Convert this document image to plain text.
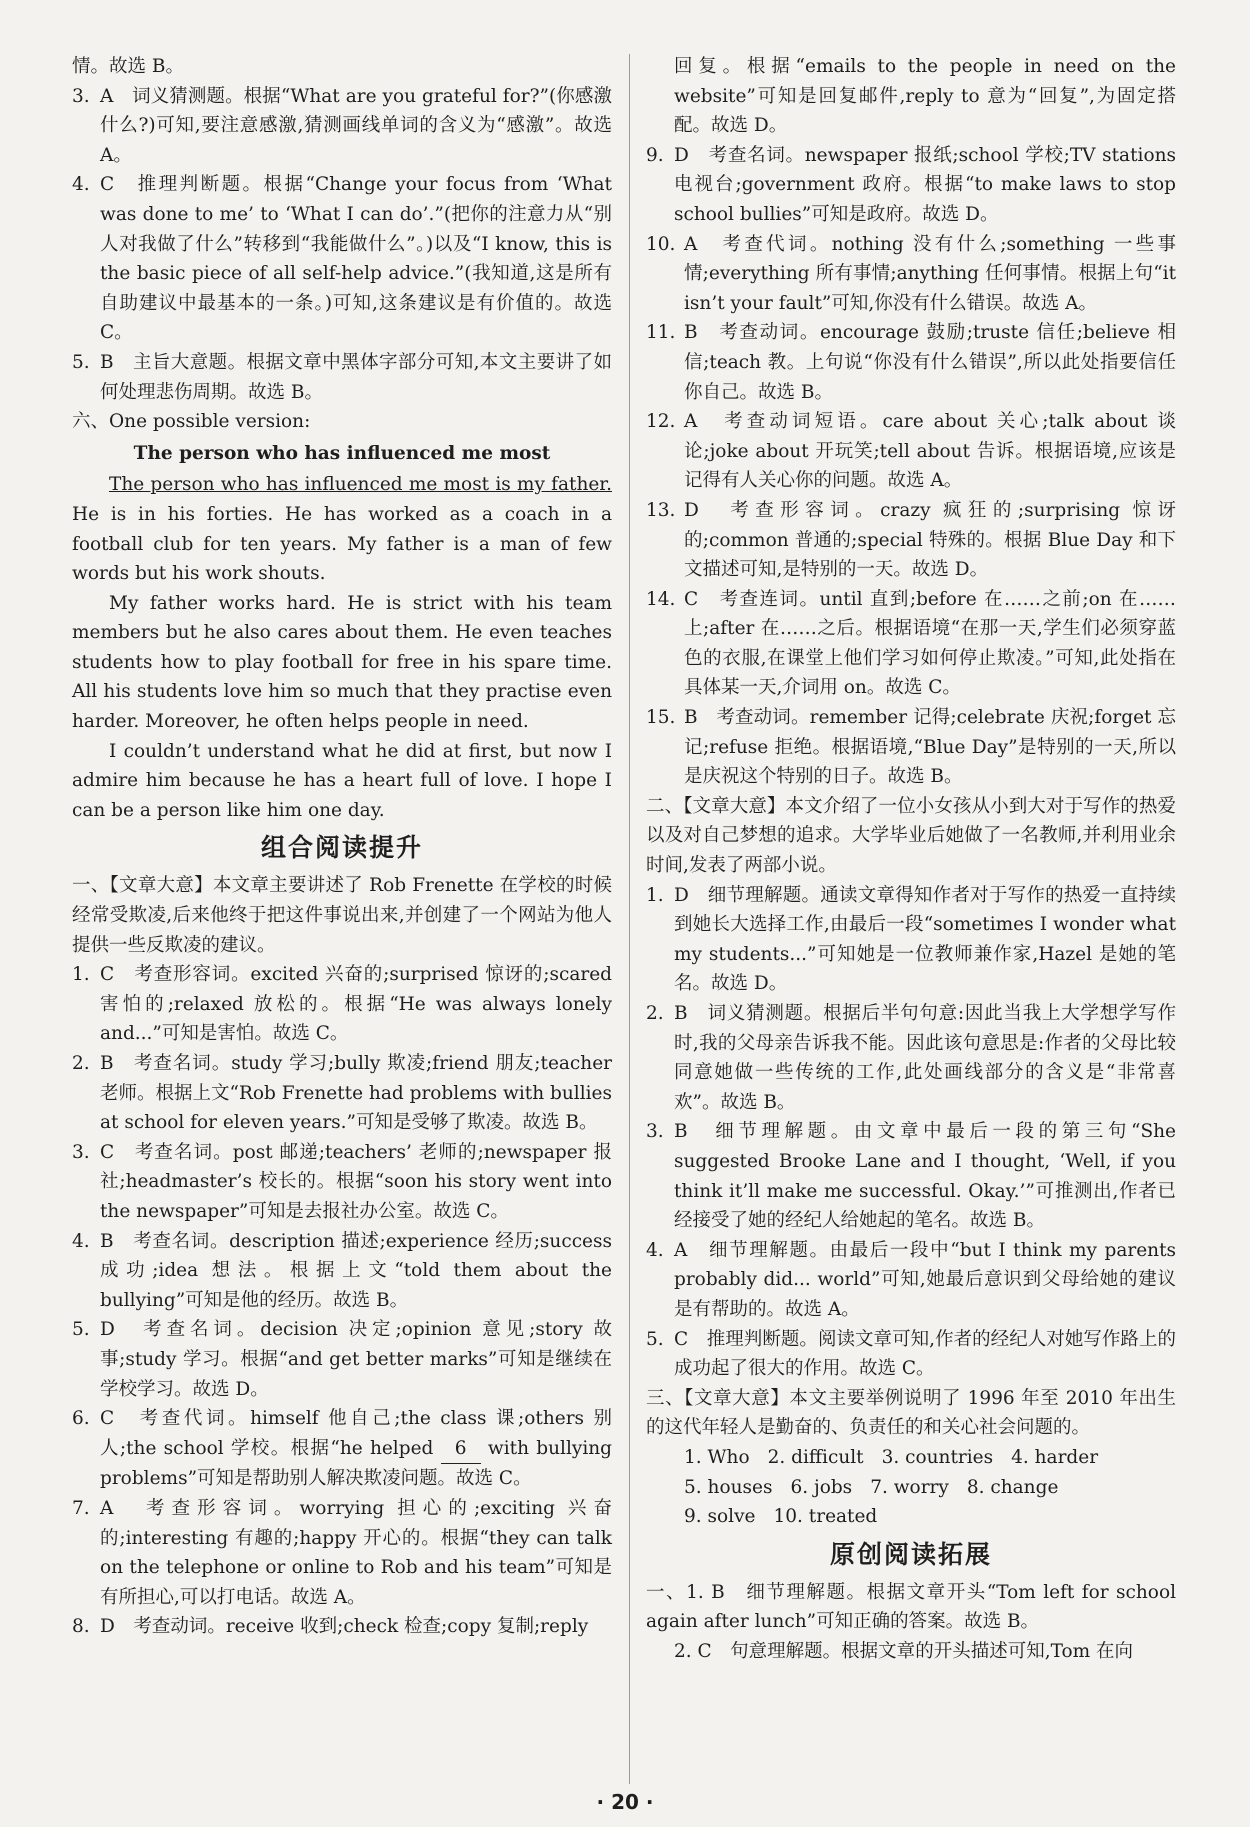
情。故选 B。

3. A　词义猜测题。根据“What are you grateful for?”(你感激什么?)可知,要注意感激,猜测画线单词的含义为“感激”。故选 A。
4. C　推理判断题。根据“Change your focus from ‘What was done to me’ to ‘What I can do’.”(把你的注意力从“别人对我做了什么”转移到“我能做什么”。)以及“I know, this is the basic piece of all self-help advice.”(我知道,这是所有自助建议中最基本的一条。)可知,这条建议是有价值的。故选 C。
5. B　主旨大意题。根据文章中黑体字部分可知,本文主要讲了如何处理悲伤周期。故选 B。

六、One possible version:

The person who has influenced me most

The person who has influenced me most is my father. He is in his forties. He has worked as a coach in a football club for ten years. My father is a man of few words but his work shouts.

My father works hard. He is strict with his team members but he also cares about them. He even teaches students how to play football for free in his spare time. All his students love him so much that they practise even harder. Moreover, he often helps people in need.

I couldn’t understand what he did at first, but now I admire him because he has a heart full of love. I hope I can be a person like him one day.

组合阅读提升

一、【文章大意】本文章主要讲述了 Rob Frenette 在学校的时候经常受欺凌,后来他终于把这件事说出来,并创建了一个网站为他人提供一些反欺凌的建议。

1. C　考查形容词。excited 兴奋的;surprised 惊讶的;scared 害怕的;relaxed 放松的。根据“He was always lonely and...”可知是害怕。故选 C。
2. B　考查名词。study 学习;bully 欺凌;friend 朋友;teacher 老师。根据上文“Rob Frenette had problems with bullies at school for eleven years.”可知是受够了欺凌。故选 B。
3. C　考查名词。post 邮递;teachers’ 老师的;newspaper 报社;headmaster’s 校长的。根据“soon his story went into the newspaper”可知是去报社办公室。故选 C。
4. B　考查名词。description 描述;experience 经历;success 成功;idea 想法。根据上文“told them about the bullying”可知是他的经历。故选 B。
5. D　考查名词。decision 决定;opinion 意见;story 故事;study 学习。根据“and get better marks”可知是继续在学校学习。故选 D。
6. C　考查代词。himself 他自己;the class 课;others 别人;the school 学校。根据“he helped 6 with bullying problems”可知是帮助别人解决欺凌问题。故选 C。
7. A　考查形容词。worrying 担心的;exciting 兴奋的;interesting 有趣的;happy 开心的。根据“they can talk on the telephone or online to Rob and his team”可知是有所担心,可以打电话。故选 A。
8. D　考查动词。receive 收到;check 检查;copy 复制;reply

回复。根据“emails to the people in need on the website”可知是回复邮件,reply to 意为“回复”,为固定搭配。故选 D。

9. D　考查名词。newspaper 报纸;school 学校;TV stations 电视台;government 政府。根据“to make laws to stop school bullies”可知是政府。故选 D。
10. A　考查代词。nothing 没有什么;something 一些事情;everything 所有事情;anything 任何事情。根据上句“it isn’t your fault”可知,你没有什么错误。故选 A。
11. B　考查动词。encourage 鼓励;truste 信任;believe 相信;teach 教。上句说“你没有什么错误”,所以此处指要信任你自己。故选 B。
12. A　考查动词短语。care about 关心;talk about 谈论;joke about 开玩笑;tell about 告诉。根据语境,应该是记得有人关心你的问题。故选 A。
13. D　考查形容词。crazy 疯狂的;surprising 惊讶的;common 普通的;special 特殊的。根据 Blue Day 和下文描述可知,是特别的一天。故选 D。
14. C　考查连词。until 直到;before 在……之前;on 在……上;after 在……之后。根据语境“在那一天,学生们必须穿蓝色的衣服,在课堂上他们学习如何停止欺凌。”可知,此处指在具体某一天,介词用 on。故选 C。
15. B　考查动词。remember 记得;celebrate 庆祝;forget 忘记;refuse 拒绝。根据语境,“Blue Day”是特别的一天,所以是庆祝这个特别的日子。故选 B。

二、【文章大意】本文介绍了一位小女孩从小到大对于写作的热爱以及对自己梦想的追求。大学毕业后她做了一名教师,并利用业余时间,发表了两部小说。

1. D　细节理解题。通读文章得知作者对于写作的热爱一直持续到她长大选择工作,由最后一段“sometimes I wonder what my students...”可知她是一位教师兼作家,Hazel 是她的笔名。故选 D。
2. B　词义猜测题。根据后半句句意:因此当我上大学想学写作时,我的父母亲告诉我不能。因此该句意思是:作者的父母比较同意她做一些传统的工作,此处画线部分的含义是“非常喜欢”。故选 B。
3. B　细节理解题。由文章中最后一段的第三句“She suggested Brooke Lane and I thought, ‘Well, if you think it’ll make me successful. Okay.’”可推测出,作者已经接受了她的经纪人给她起的笔名。故选 B。
4. A　细节理解题。由最后一段中“but I think my parents probably did... world”可知,她最后意识到父母给她的建议是有帮助的。故选 A。
5. C　推理判断题。阅读文章可知,作者的经纪人对她写作路上的成功起了很大的作用。故选 C。

三、【文章大意】本文主要举例说明了 1996 年至 2010 年出生的这代年轻人是勤奋的、负责任的和关心社会问题的。

1. Who 2. difficult 3. countries 4. harder
5. houses 6. jobs 7. worry 8. change
9. solve 10. treated
原创阅读拓展

一、1. B　细节理解题。根据文章开头“Tom left for school again after lunch”可知正确的答案。故选 B。

2. C　句意理解题。根据文章的开头描述可知,Tom 在向

· 20 ·
